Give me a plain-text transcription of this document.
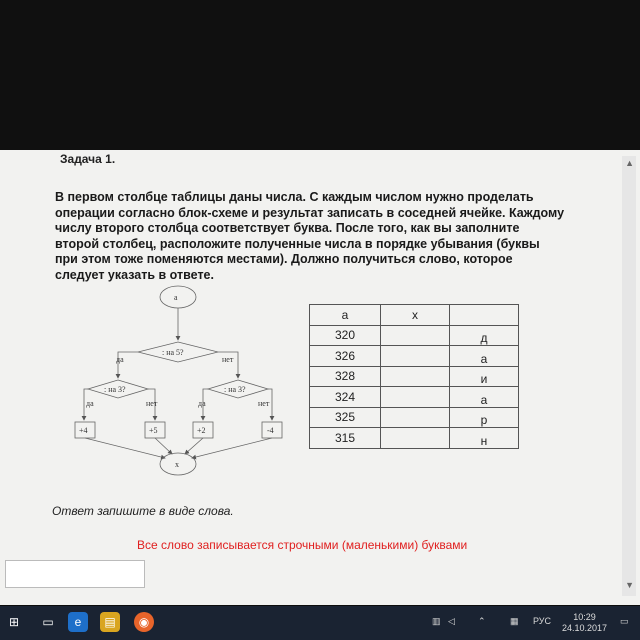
Задача 1.
В первом столбце таблицы даны числа. С каждым числом нужно проделать операции согласно блок-схеме и результат записать в соседней ячейке. Каждому числу второго столбца соответствует буква. После того, как вы заполните второй столбец, расположите полученные числа в порядке убывания (буквы при этом тоже поменяются местами). Должно получиться слово, которое следует указать в ответе.
▲
▼
a
: на 5?
да	нет
: на 3?	: на 3?
да	нет	да	нет
+4	+5	+2	-4
x
а	х	
320		д
326		а
328		и
324		а
325		р
315		н
Ответ запишите в виде слова.
Все слово записывается строчными (маленькими) буквами
⊞	▭	e	▤	◉	▥ ◁	⌃	▦ РУС	10:29
24.10.2017
▭
